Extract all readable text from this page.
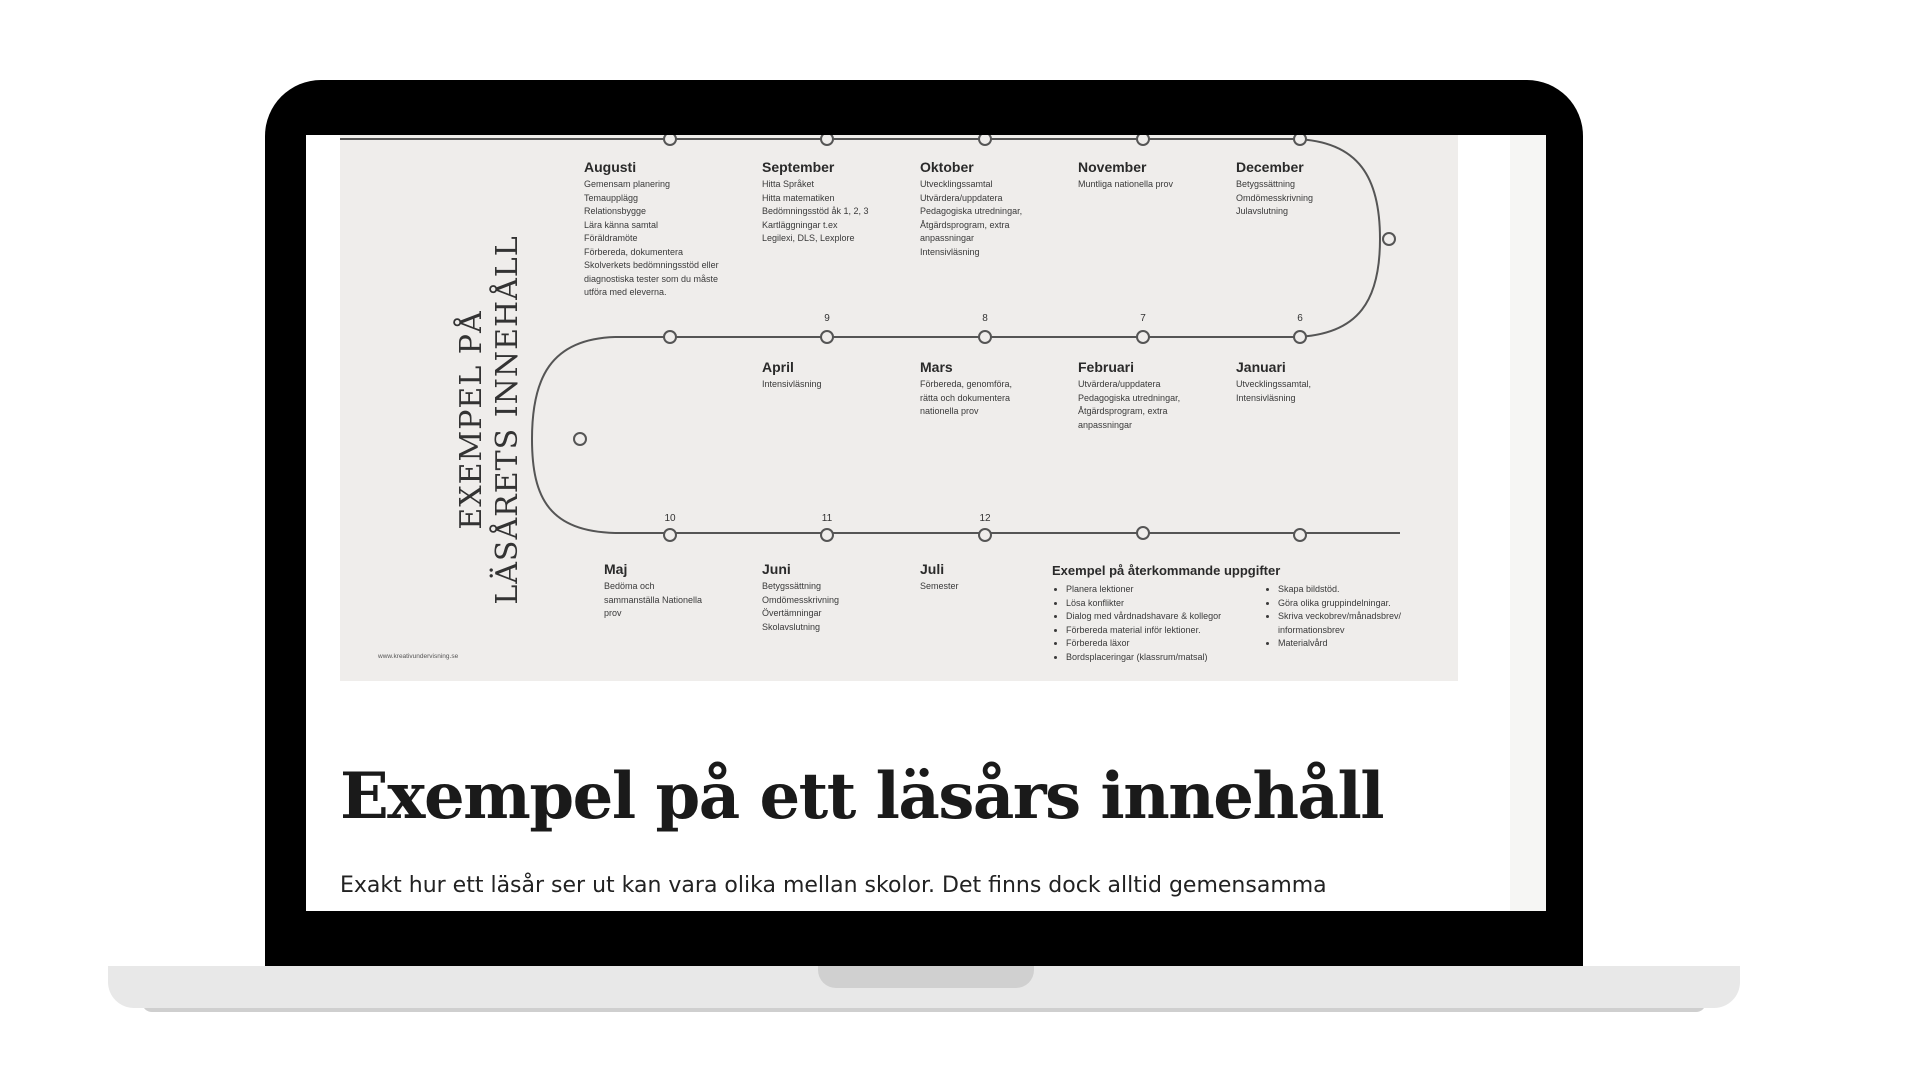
EXEMPEL PÅ LÄSÅRETS INNEHÅLL	9	8	7	6
10	11	12
Augusti
Gemensam planering
Temaupplägg
Relationsbygge
Lära känna samtal
Föräldramöte
Förbereda, dokumentera
Skolverkets bedömningsstöd eller
diagnostiska tester som du måste
utföra med eleverna.
September
Hitta Språket
Hitta matematiken
Bedömningsstöd åk 1, 2, 3
Kartläggningar t.ex
Legilexi, DLS, Lexplore
Oktober
Utvecklingssamtal
Utvärdera/uppdatera
Pedagogiska utredningar,
Åtgärdsprogram, extra
anpassningar
Intensivläsning
November
Muntliga nationella prov
December
Betygssättning
Omdömesskrivning
Julavslutning
April
Intensivläsning
Mars
Förbereda, genomföra,
rätta och dokumentera
nationella prov
Februari
Utvärdera/uppdatera
Pedagogiska utredningar,
Åtgärdsprogram, extra
anpassningar
Januari
Utvecklingssamtal,
Intensivläsning
Maj
Bedöma och
sammanställa Nationella
prov
Juni
Betygssättning
Omdömesskrivning
Övertämningar
Skolavslutning
Juli
Semester
Exempel på återkommande uppgifter
• Planera lektioner
• Lösa konflikter
• Dialog med vårdnadshavare & kollegor
• Förbereda material inför lektioner.
• Förbereda läxor
• Bordsplaceringar (klassrum/matsal)
• Skapa bildstöd.
• Göra olika gruppindelningar.
• Skriva veckobrev/månadsbrev/
informationsbrev
• Materialvård
www.kreativundervisning.se
Exempel på ett läsårs innehåll

Exakt hur ett läsår ser ut kan vara olika mellan skolor. Det finns dock alltid gemensamma
